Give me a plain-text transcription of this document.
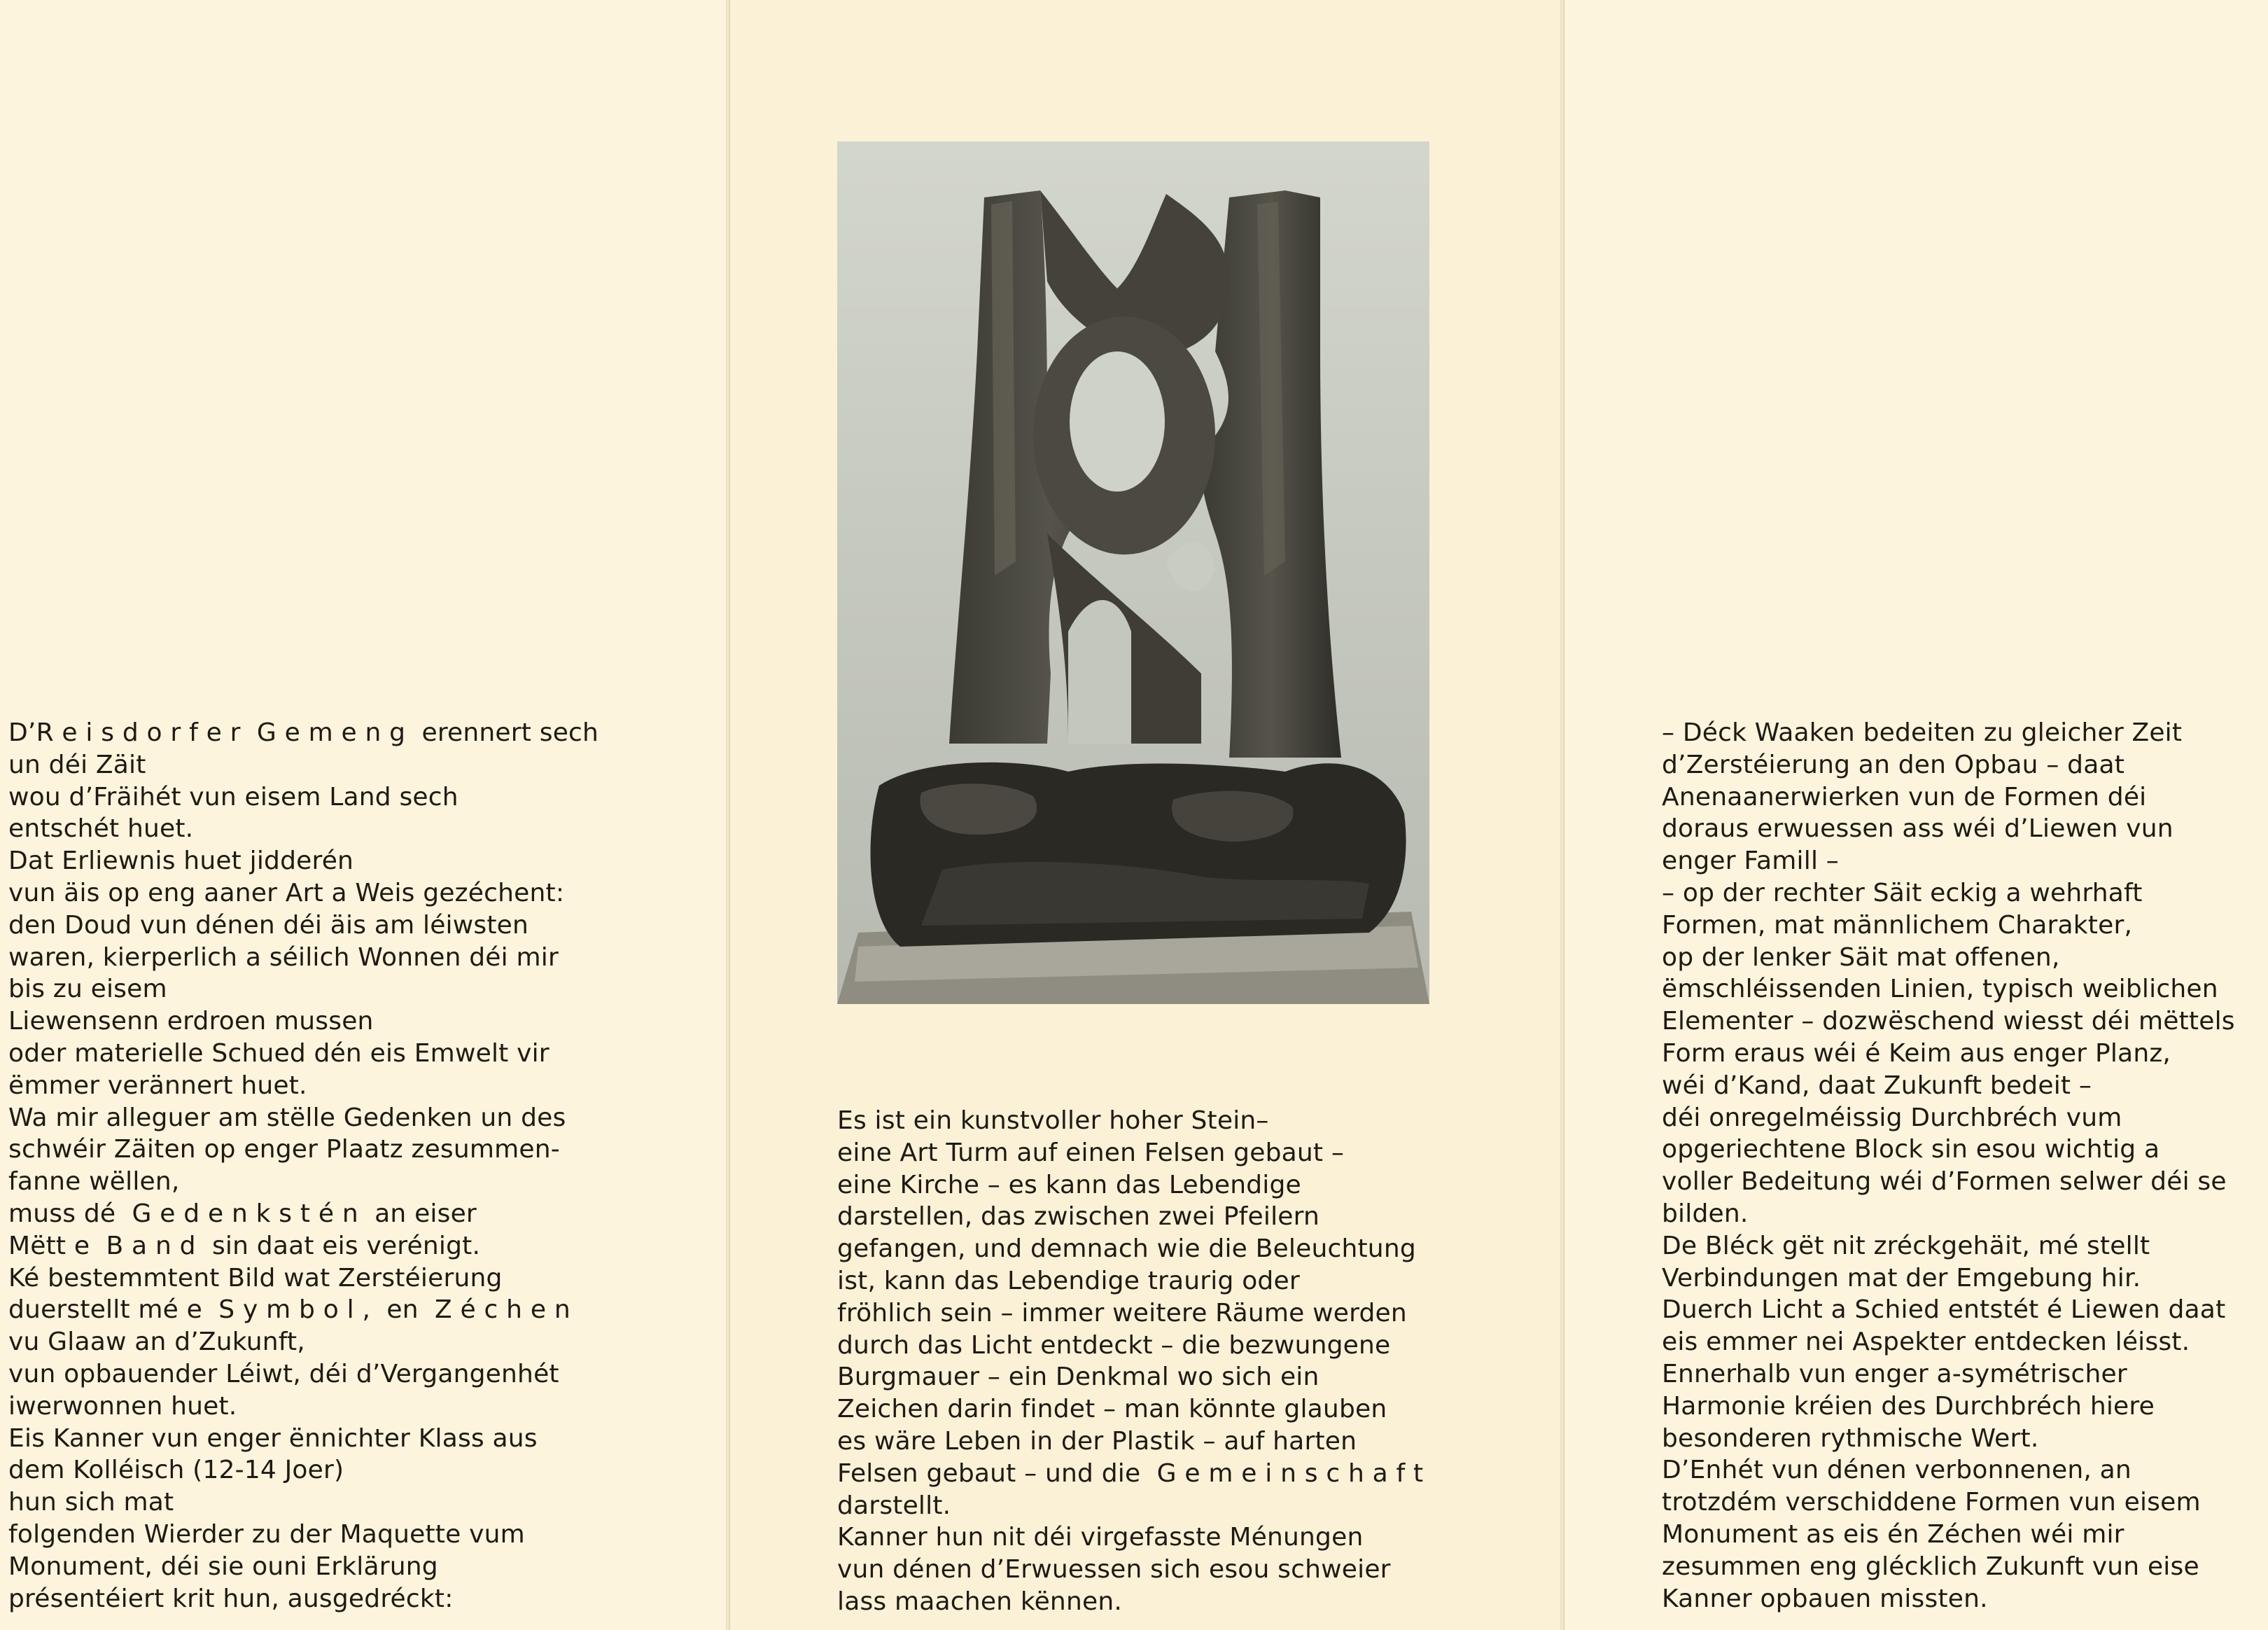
D’R e i s d o r f e r  G e m e n g  erennert sech

un déi Zäit

wou d’Fräihét vun eisem Land sech

entschét huet.

Dat Erliewnis huet jidderén

vun äis op eng aaner Art a Weis gezéchent:

den Doud vun dénen déi äis am léiwsten

waren, kierperlich a séilich Wonnen déi mir

bis zu eisem

Liewensenn erdroen mussen

oder materielle Schued dén eis Emwelt vir

ëmmer verännert huet.

Wa mir alleguer am stëlle Gedenken un des

schwéir Zäiten op enger Plaatz zesummen-

fanne wëllen,

muss dé  G e d e n k s t é n  an eiser

Mëtt e  B a n d  sin daat eis verénigt.

Ké bestemmtent Bild wat Zerstéierung

duerstellt mé e  S y m b o l ,  en  Z é c h e n

vu Glaaw an d’Zukunft,

vun opbauender Léiwt, déi d’Vergangenhét

iwerwonnen huet.

Eis Kanner vun enger ënnichter Klass aus

dem Kolléisch (12-14 Joer)

hun sich mat

folgenden Wierder zu der Maquette vum

Monument, déi sie ouni Erklärung

présentéiert krit hun, ausgedréckt:

Es ist ein kunstvoller hoher Stein–

eine Art Turm auf einen Felsen gebaut –

eine Kirche – es kann das Lebendige

darstellen, das zwischen zwei Pfeilern

gefangen, und demnach wie die Beleuchtung

ist, kann das Lebendige traurig oder

fröhlich sein – immer weitere Räume werden

durch das Licht entdeckt – die bezwungene

Burgmauer – ein Denkmal wo sich ein

Zeichen darin findet – man könnte glauben

es wäre Leben in der Plastik – auf harten

Felsen gebaut – und die  G e m e i n s c h a f t

darstellt.

Kanner hun nit déi virgefasste Ménungen

vun dénen d’Erwuessen sich esou schweier

lass maachen kënnen.

– Déck Waaken bedeiten zu gleicher Zeit

d’Zerstéierung an den Opbau – daat

Anenaanerwierken vun de Formen déi

doraus erwuessen ass wéi d’Liewen vun

enger Famill –

– op der rechter Säit eckig a wehrhaft

Formen, mat männlichem Charakter,

op der lenker Säit mat offenen,

ëmschléissenden Linien, typisch weiblichen

Elementer – dozwëschend wiesst déi mëttels

Form eraus wéi é Keim aus enger Planz,

wéi d’Kand, daat Zukunft bedeit –

déi onregelméissig Durchbréch vum

opgeriechtene Block sin esou wichtig a

voller Bedeitung wéi d’Formen selwer déi se

bilden.

De Bléck gët nit zréckgehäit, mé stellt

Verbindungen mat der Emgebung hir.

Duerch Licht a Schied entstét é Liewen daat

eis emmer nei Aspekter entdecken léisst.

Ennerhalb vun enger a-symétrischer

Harmonie kréien des Durchbréch hiere

besonderen rythmische Wert.

D’Enhét vun dénen verbonnenen, an

trotzdém verschiddene Formen vun eisem

Monument as eis én Zéchen wéi mir

zesummen eng glécklich Zukunft vun eise

Kanner opbauen missten.
